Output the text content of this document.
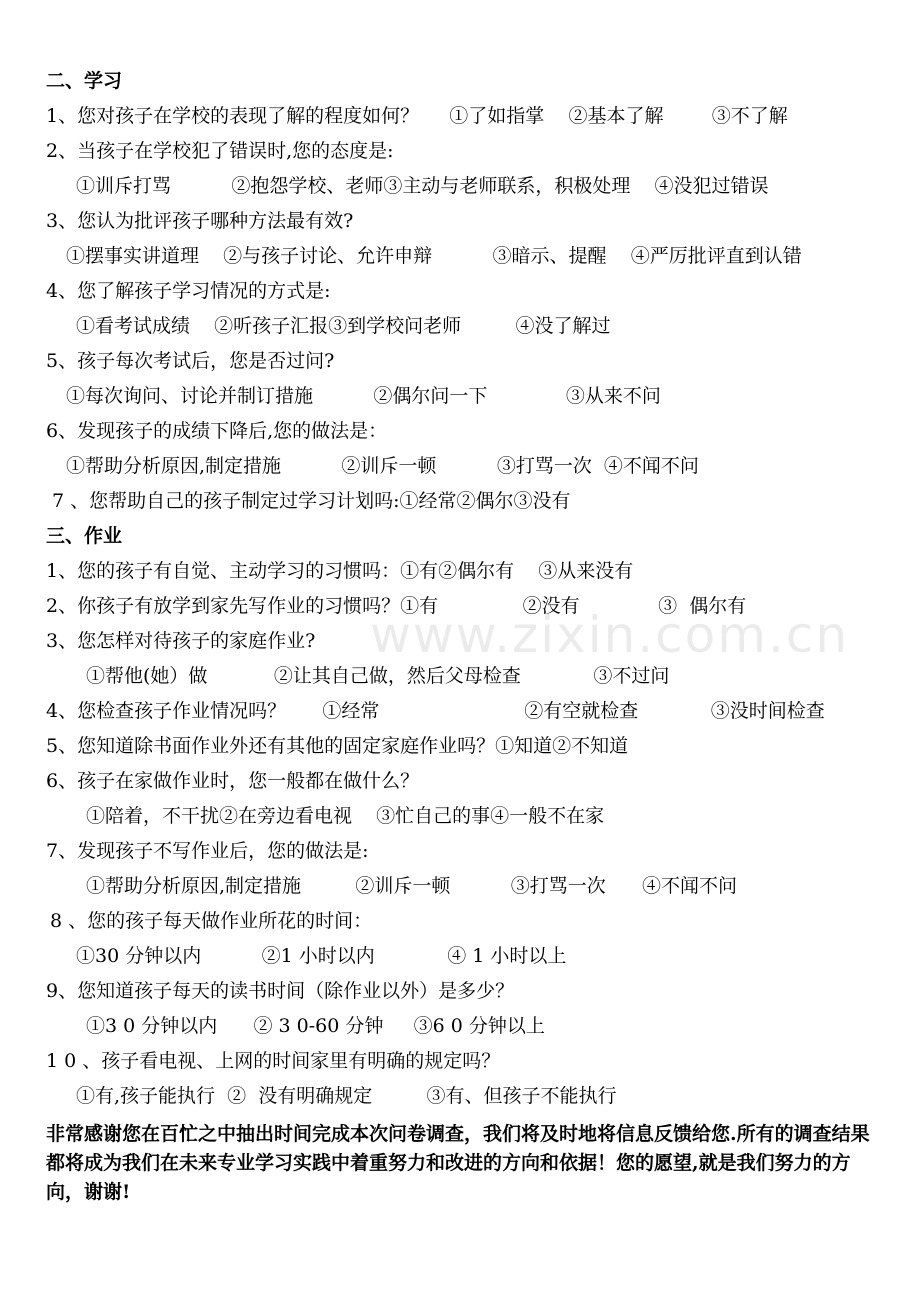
二、学习
1、您对孩子在学校的表现了解的程度如何？     ①了如指掌    ②基本了解        ③不了解
2、当孩子在学校犯了错误时,您的态度是:
①训斥打骂          ②抱怨学校、老师③主动与老师联系，积极处理    ④没犯过错误
3、您认为批评孩子哪种方法最有效?
①摆事实讲道理    ②与孩子讨论、允许申辩          ③暗示、提醒    ④严厉批评直到认错
4、您了解孩子学习情况的方式是:
①看考试成绩    ②听孩子汇报③到学校问老师         ④没了解过
5、孩子每次考试后，您是否过问?
①每次询问、讨论并制订措施          ②偶尔问一下             ③从来不问
6、发现孩子的成绩下降后,您的做法是：
①帮助分析原因,制定措施          ②训斥一顿          ③打骂一次  ④不闻不问
7 、您帮助自己的孩子制定过学习计划吗:①经常②偶尔③没有
三、作业
1、您的孩子有自觉、主动学习的习惯吗：①有②偶尔有    ③从来没有
2、你孩子有放学到家先写作业的习惯吗？①有              ②没有             ③  偶尔有
3、您怎样对待孩子的家庭作业?
①帮他(她）做           ②让其自己做，然后父母检查            ③不过问
4、您检查孩子作业情况吗？      ①经常                        ②有空就检查            ③没时间检查
5、您知道除书面作业外还有其他的固定家庭作业吗？①知道②不知道
6、孩子在家做作业时，您一般都在做什么？
①陪着，不干扰②在旁边看电视    ③忙自己的事④一般不在家
7、发现孩子不写作业后，您的做法是:
①帮助分析原因,制定措施         ②训斥一顿          ③打骂一次      ④不闻不问
8 、您的孩子每天做作业所花的时间：
①30 分钟以内          ②1 小时以内            ④ 1 小时以上
9、您知道孩子每天的读书时间（除作业以外）是多少？
①3 0 分钟以内      ② 3 0-60 分钟     ③6 0 分钟以上
1 0 、孩子看电视、上网的时间家里有明确的规定吗？
①有,孩子能执行  ②  没有明确规定         ③有、但孩子不能执行

非常感谢您在百忙之中抽出时间完成本次问卷调查，我们将及时地将信息反馈给您.所有的调查结果都将成为我们在未来专业学习实践中着重努力和改进的方向和依据！您的愿望,就是我们努力的方向，谢谢!

www.zixin.com.cn
